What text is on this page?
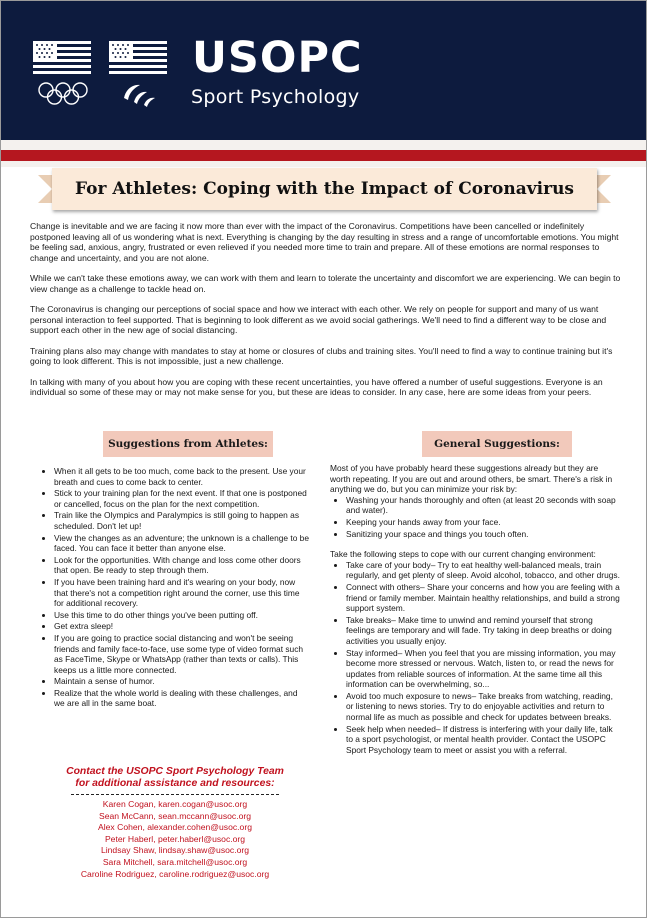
USOPC
Sport Psychology
For Athletes: Coping with the Impact of Coronavirus

Change is inevitable and we are facing it now more than ever with the impact of the Coronavirus. Competitions have been cancelled or indefinitely postponed leaving all of us wondering what is next. Everything is changing by the day resulting in stress and a range of uncomfortable emotions. You might be feeling sad, anxious, angry, frustrated or even relieved if you needed more time to train and prepare. All of these emotions are normal responses to change and uncertainty, and you are not alone.

While we can't take these emotions away, we can work with them and learn to tolerate the uncertainty and discomfort we are experiencing. We can begin to view change as a challenge to tackle head on.

The Coronavirus is changing our perceptions of social space and how we interact with each other. We rely on people for support and many of us want personal interaction to feel supported. That is beginning to look different as we avoid social gatherings. We'll need to find a different way to be close and support each other in the new age of social distancing.

Training plans also may change with mandates to stay at home or closures of clubs and training sites. You'll need to find a way to continue training but it's going to look different. This is not impossible, just a new challenge.

In talking with many of you about how you are coping with these recent uncertainties, you have offered a number of useful suggestions. Everyone is an individual so some of these may or may not make sense for you, but these are ideas to consider. In any case, here are some ideas from your peers.

Suggestions from Athletes:	General Suggestions:
• When it all gets to be too much, come back to the present. Use your breath and cues to come back to center.
• Stick to your training plan for the next event. If that one is postponed or cancelled, focus on the plan for the next competition.
• Train like the Olympics and Paralympics is still going to happen as scheduled. Don't let up!
• View the changes as an adventure; the unknown is a challenge to be faced. You can face it better than anyone else.
• Look for the opportunities. With change and loss come other doors that open. Be ready to step through them.
• If you have been training hard and it's wearing on your body, now that there's not a competition right around the corner, use this time for additional recovery.
• Use this time to do other things you've been putting off.
• Get extra sleep!
• If you are going to practice social distancing and won't be seeing friends and family face-to-face, use some type of video format such as FaceTime, Skype or WhatsApp (rather than texts or calls). This keeps us a little more connected.
• Maintain a sense of humor.
• Realize that the whole world is dealing with these challenges, and we are all in the same boat.
Contact the USOPC Sport Psychology Team for additional assistance and resources:
Karen Cogan, karen.cogan@usoc.org
Sean McCann, sean.mccann@usoc.org
Alex Cohen, alexander.cohen@usoc.org
Peter Haberl, peter.haberl@usoc.org
Lindsay Shaw, lindsay.shaw@usoc.org
Sara Mitchell, sara.mitchell@usoc.org
Caroline Rodriguez, caroline.rodriguez@usoc.org

Most of you have probably heard these suggestions already but they are worth repeating. If you are out and around others, be smart. There's a risk in anything we do, but you can minimize your risk by:

• Washing your hands thoroughly and often (at least 20 seconds with soap and water).
• Keeping your hands away from your face.
• Sanitizing your space and things you touch often.

Take the following steps to cope with our current changing environment:

• Take care of your body– Try to eat healthy well-balanced meals, train regularly, and get plenty of sleep. Avoid alcohol, tobacco, and other drugs.
• Connect with others– Share your concerns and how you are feeling with a friend or family member. Maintain healthy relationships, and build a strong support system.
• Take breaks– Make time to unwind and remind yourself that strong feelings are temporary and will fade. Try taking in deep breaths or doing activities you usually enjoy.
• Stay informed– When you feel that you are missing information, you may become more stressed or nervous. Watch, listen to, or read the news for updates from reliable sources of information. At the same time all this information can be overwhelming, so...
• Avoid too much exposure to news– Take breaks from watching, reading, or listening to news stories. Try to do enjoyable activities and return to normal life as much as possible and check for updates between breaks.
• Seek help when needed– If distress is interfering with your daily life, talk to a sport psychologist, or mental health provider. Contact the USOPC Sport Psychology team to meet or assist you with a referral.
